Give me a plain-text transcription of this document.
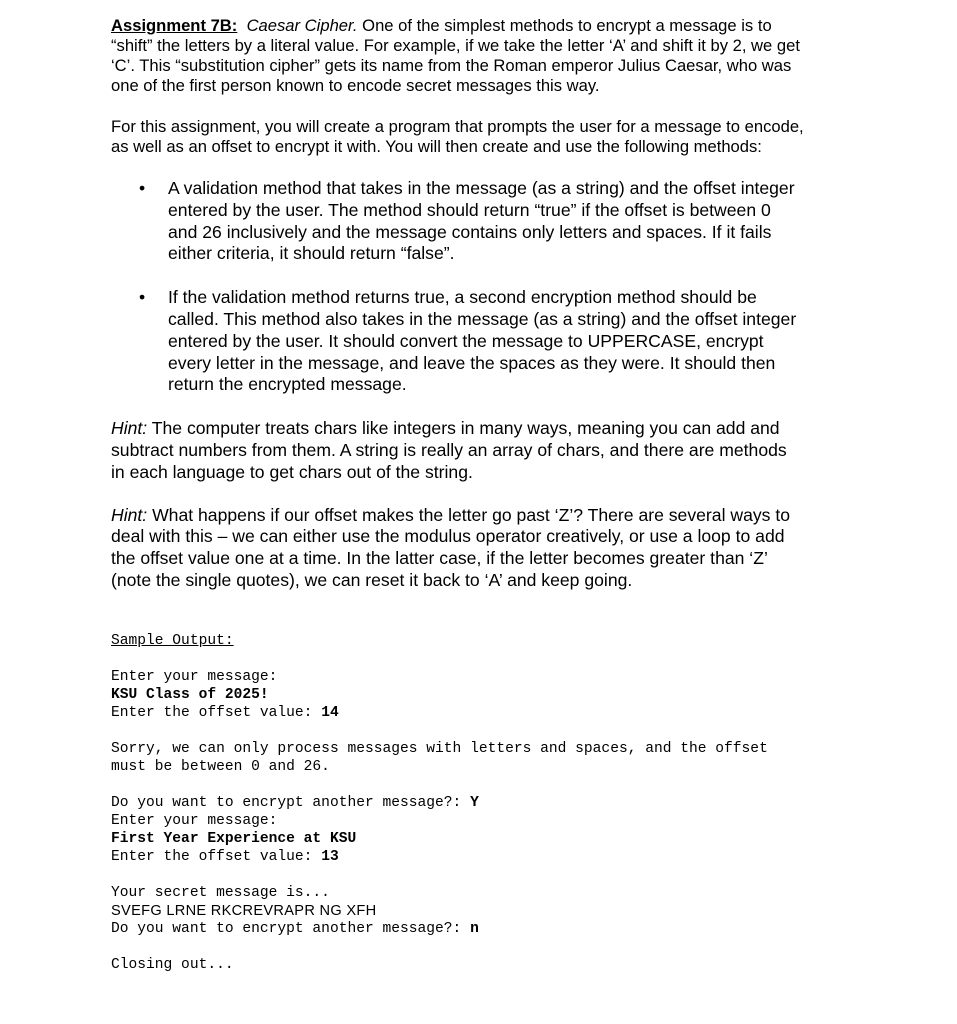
Assignment 7B: Caesar Cipher. One of the simplest methods to encrypt a message is to
“shift” the letters by a literal value. For example, if we take the letter ‘A’ and shift it by 2, we get
‘C’. This “substitution cipher” gets its name from the Roman emperor Julius Caesar, who was
one of the first person known to encode secret messages this way.

For this assignment, you will create a program that prompts the user for a message to encode,
as well as an offset to encrypt it with. You will then create and use the following methods:

• A validation method that takes in the message (as a string) and the offset integer
entered by the user. The method should return “true” if the offset is between 0
and 26 inclusively and the message contains only letters and spaces. If it fails
either criteria, it should return “false”.
• If the validation method returns true, a second encryption method should be
called. This method also takes in the message (as a string) and the offset integer
entered by the user. It should convert the message to UPPERCASE, encrypt
every letter in the message, and leave the spaces as they were. It should then
return the encrypted message.

Hint: The computer treats chars like integers in many ways, meaning you can add and
subtract numbers from them. A string is really an array of chars, and there are methods
in each language to get chars out of the string.

Hint: What happens if our offset makes the letter go past ‘Z’? There are several ways to
deal with this – we can either use the modulus operator creatively, or use a loop to add
the offset value one at a time. In the latter case, if the letter becomes greater than ‘Z’
(note the single quotes), we can reset it back to ‘A’ and keep going.

Sample Output:
Enter your message:
KSU Class of 2025!
Enter the offset value: 14
Sorry, we can only process messages with letters and spaces, and the offset
must be between 0 and 26.
Do you want to encrypt another message?: Y
Enter your message:
First Year Experience at KSU
Enter the offset value: 13
Your secret message is...
SVEFG LRNE RKCREVRAPR NG XFH
Do you want to encrypt another message?: n
Closing out...
